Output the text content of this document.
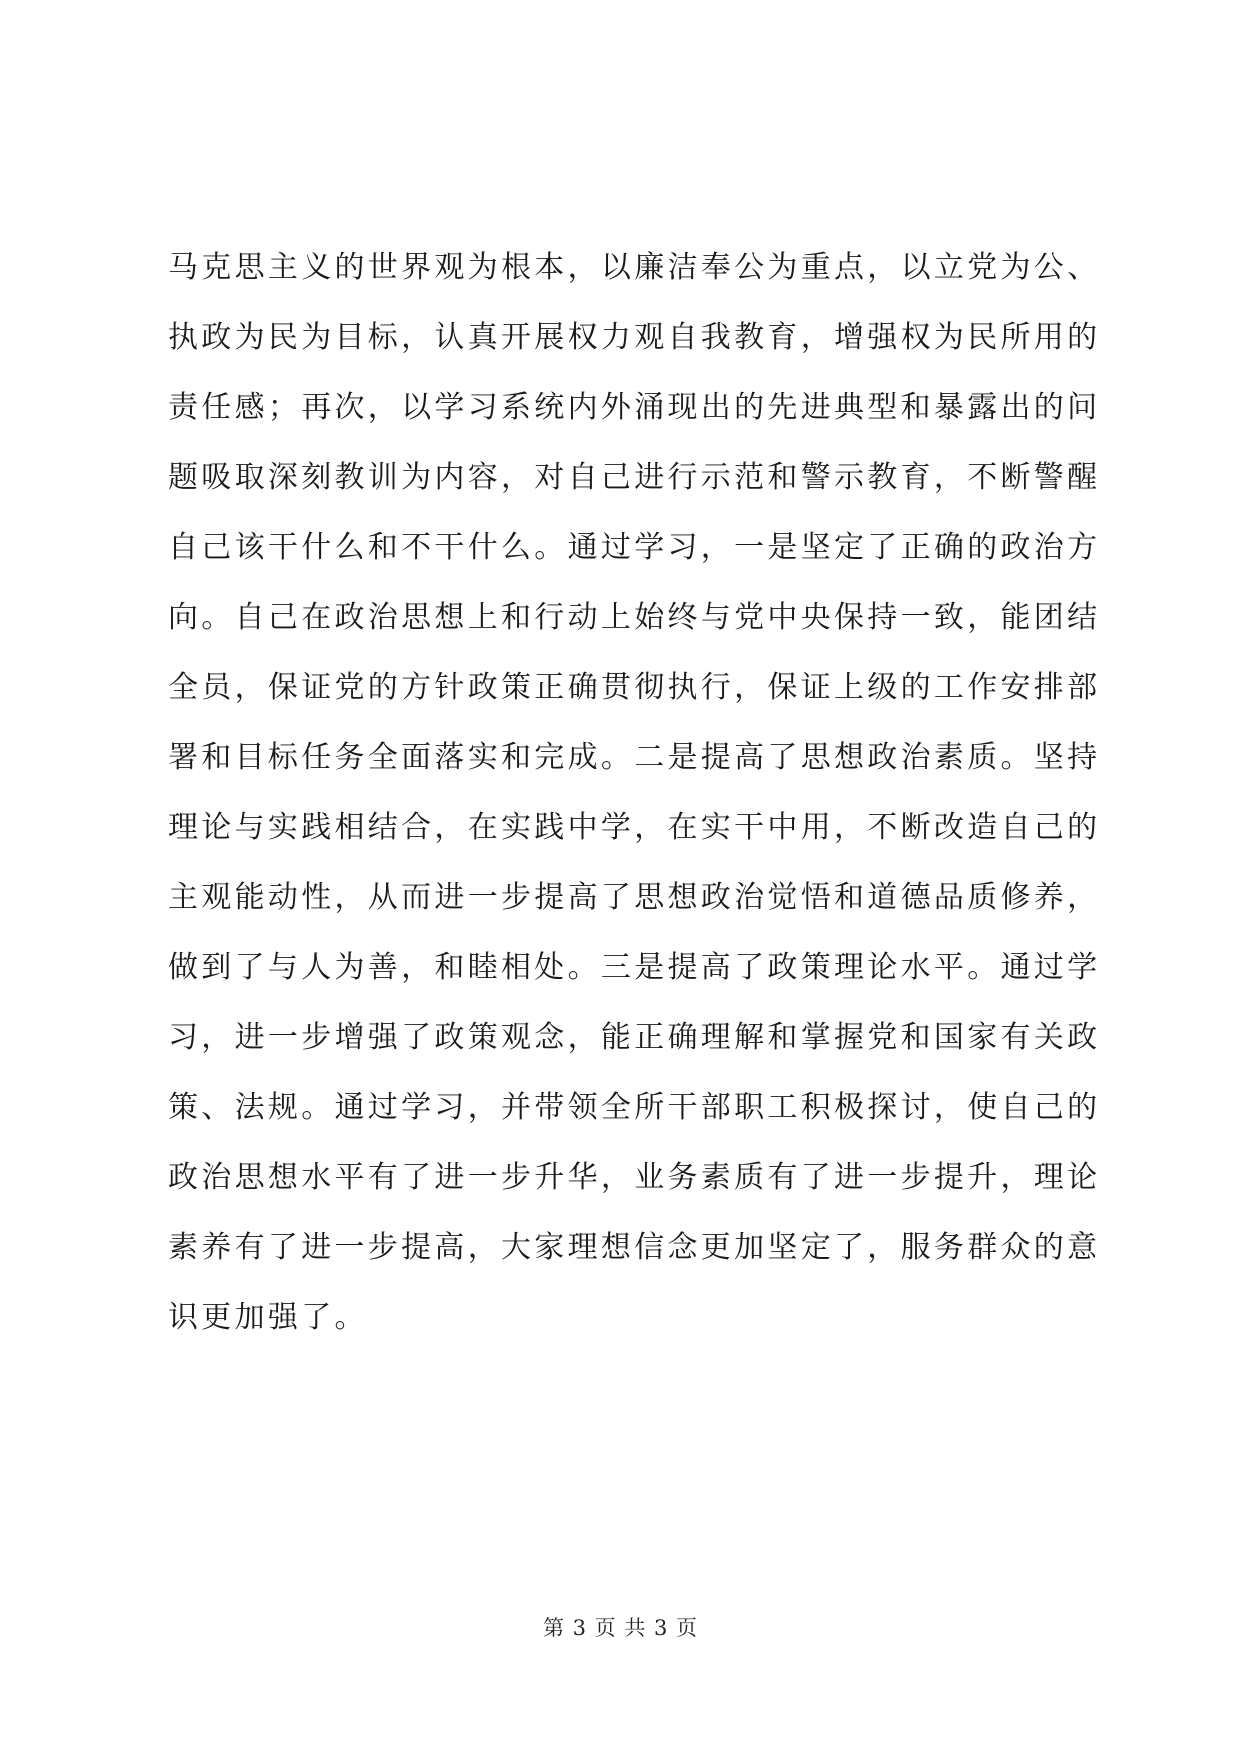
马克思主义的世界观为根本，以廉洁奉公为重点，以立党为公、
执政为民为目标，认真开展权力观自我教育，增强权为民所用的
责任感；再次，以学习系统内外涌现出的先进典型和暴露出的问
题吸取深刻教训为内容，对自己进行示范和警示教育，不断警醒
自己该干什么和不干什么。通过学习，一是坚定了正确的政治方
向。自己在政治思想上和行动上始终与党中央保持一致，能团结
全员，保证党的方针政策正确贯彻执行，保证上级的工作安排部
署和目标任务全面落实和完成。二是提高了思想政治素质。坚持
理论与实践相结合，在实践中学，在实干中用，不断改造自己的
主观能动性，从而进一步提高了思想政治觉悟和道德品质修养，
做到了与人为善，和睦相处。三是提高了政策理论水平。通过学
习，进一步增强了政策观念，能正确理解和掌握党和国家有关政
策、法规。通过学习，并带领全所干部职工积极探讨，使自己的
政治思想水平有了进一步升华，业务素质有了进一步提升，理论
素养有了进一步提高，大家理想信念更加坚定了，服务群众的意
识更加强了。
第 3 页 共 3 页
